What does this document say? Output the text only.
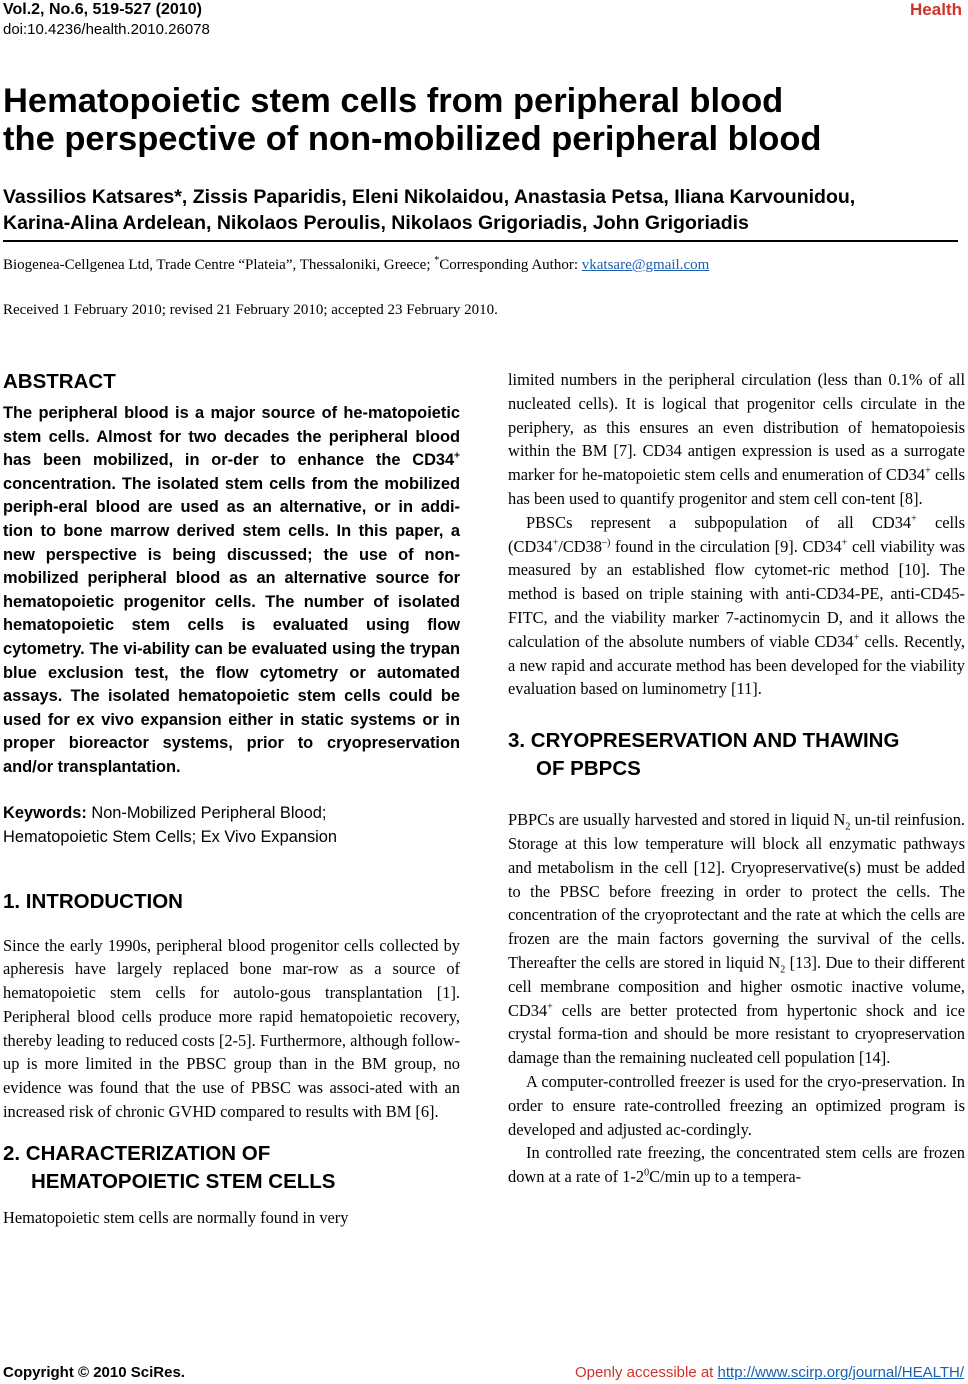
Vol.2, No.6, 519-527 (2010)
doi:10.4236/health.2010.26078
Health
Hematopoietic stem cells from peripheral blood
the perspective of non-mobilized peripheral blood
Vassilios Katsares*, Zissis Paparidis, Eleni Nikolaidou, Anastasia Petsa, Iliana Karvounidou,
Karina-Alina Ardelean, Nikolaos Peroulis, Nikolaos Grigoriadis, John Grigoriadis
Biogenea-Cellgenea Ltd, Trade Centre “Plateia”, Thessaloniki, Greece; *Corresponding Author: vkatsare@gmail.com
Received 1 February 2010; revised 21 February 2010; accepted 23 February 2010.
ABSTRACT

The peripheral blood is a major source of he-matopoietic stem cells. Almost for two decades the peripheral blood has been mobilized, in or-der to enhance the CD34+ concentration. The isolated stem cells from the mobilized periph-eral blood are used as an alternative, or in addi-tion to bone marrow derived stem cells. In this paper, a new perspective is being discussed; the use of non-mobilized peripheral blood as an alternative source for hematopoietic progenitor cells. The number of isolated hematopoietic stem cells is evaluated using flow cytometry. The vi-ability can be evaluated using the trypan blue exclusion test, the flow cytometry or automated assays. The isolated hematopoietic stem cells could be used for ex vivo expansion either in static systems or in proper bioreactor systems, prior to cryopreservation and/or transplantation.

Keywords: Non-Mobilized Peripheral Blood;
Hematopoietic Stem Cells; Ex Vivo Expansion
1. INTRODUCTION

Since the early 1990s, peripheral blood progenitor cells collected by apheresis have largely replaced bone mar-row as a source of hematopoietic stem cells for autolo-gous transplantation [1]. Peripheral blood cells produce more rapid hematopoietic recovery, thereby leading to reduced costs [2-5]. Furthermore, although follow-up is more limited in the PBSC group than in the BM group, no evidence was found that the use of PBSC was associ-ated with an increased risk of chronic GVHD compared to results with BM [6].

2. CHARACTERIZATION OF
HEMATOPOIETIC STEM CELLS

Hematopoietic stem cells are normally found in very

limited numbers in the peripheral circulation (less than 0.1% of all nucleated cells). It is logical that progenitor cells circulate in the periphery, as this ensures an even distribution of hematopoiesis within the BM [7]. CD34 antigen expression is used as a surrogate marker for he-matopoietic stem cells and enumeration of CD34+ cells has been used to quantify progenitor and stem cell con-tent [8].

PBSCs represent a subpopulation of all CD34+ cells (CD34+/CD38–) found in the circulation [9]. CD34+ cell viability was measured by an established flow cytomet-ric method [10]. The method is based on triple staining with anti-CD34-PE, anti-CD45-FITC, and the viability marker 7-actinomycin D, and it allows the calculation of the absolute numbers of viable CD34+ cells. Recently, a new rapid and accurate method has been developed for the viability evaluation based on luminometry [11].

3. CRYOPRESERVATION AND THAWING
OF PBPCS

PBPCs are usually harvested and stored in liquid $N_2$ un-til reinfusion. Storage at this low temperature will block all enzymatic pathways and metabolism in the cell [12]. Cryopreservative(s) must be added to the PBSC before freezing in order to protect the cells. The concentration of the cryoprotectant and the rate at which the cells are frozen are the main factors governing the survival of the cells. Thereafter the cells are stored in liquid $N_2$ [13]. Due to their different cell membrane composition and higher osmotic inactive volume, CD34+ cells are better protected from hypertonic shock and ice crystal forma-tion and should be more resistant to cryopreservation damage than the remaining nucleated cell population [14].

A computer-controlled freezer is used for the cryo-preservation. In order to ensure rate-controlled freezing an optimized program is developed and adjusted ac-cordingly.

In controlled rate freezing, the concentrated stem cells are frozen down at a rate of $1-2^0C/\min$ up to a tempera-

Copyright © 2010 SciRes.	Openly accessible at http://www.scirp.org/journal/HEALTH/
